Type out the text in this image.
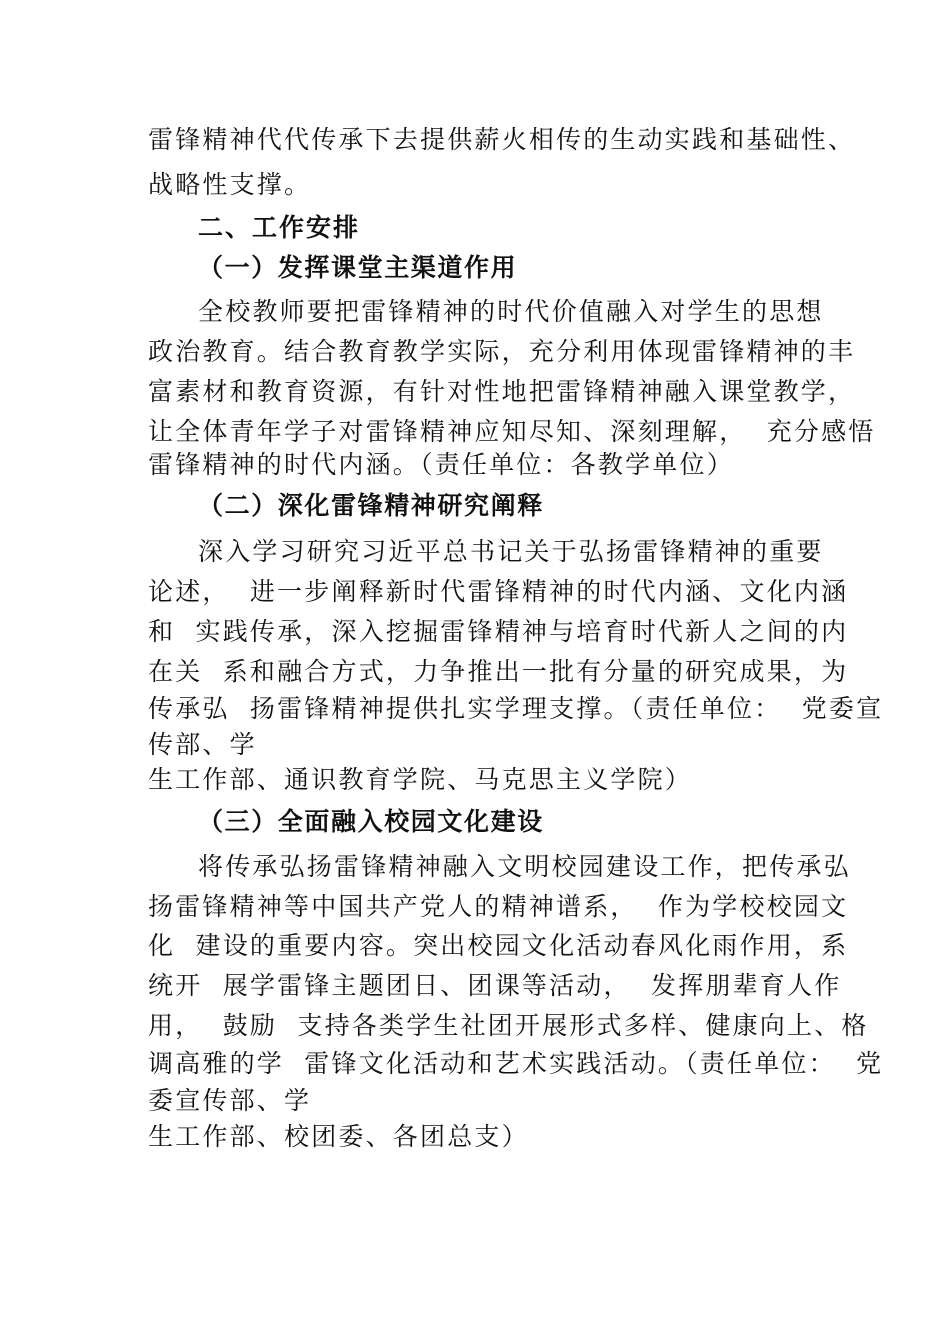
雷锋精神代代传承下去提供薪火相传的生动实践和基础性、
战略性支撑。
二、工作安排
（一）发挥课堂主渠道作用
全校教师要把雷锋精神的时代价值融入对学生的思想
政治教育。结合教育教学实际，充分利用体现雷锋精神的丰
富素材和教育资源，有针对性地把雷锋精神融入课堂教学，
让全体青年学子对雷锋精神应知尽知、深刻理解，  充分感悟
雷锋精神的时代内涵。（责任单位：各教学单位）
（二）深化雷锋精神研究阐释
深入学习研究习近平总书记关于弘扬雷锋精神的重要
论述，  进一步阐释新时代雷锋精神的时代内涵、文化内涵
和  实践传承，深入挖掘雷锋精神与培育时代新人之间的内
在关  系和融合方式，力争推出一批有分量的研究成果，为
传承弘  扬雷锋精神提供扎实学理支撑。（责任单位：  党委宣
传部、学
生工作部、通识教育学院、马克思主义学院）
（三）全面融入校园文化建设
将传承弘扬雷锋精神融入文明校园建设工作，把传承弘
扬雷锋精神等中国共产党人的精神谱系，  作为学校校园文
化  建设的重要内容。突出校园文化活动春风化雨作用，系
统开  展学雷锋主题团日、团课等活动，  发挥朋辈育人作
用，  鼓励  支持各类学生社团开展形式多样、健康向上、格
调高雅的学  雷锋文化活动和艺术实践活动。（责任单位：  党
委宣传部、学
生工作部、校团委、各团总支）
